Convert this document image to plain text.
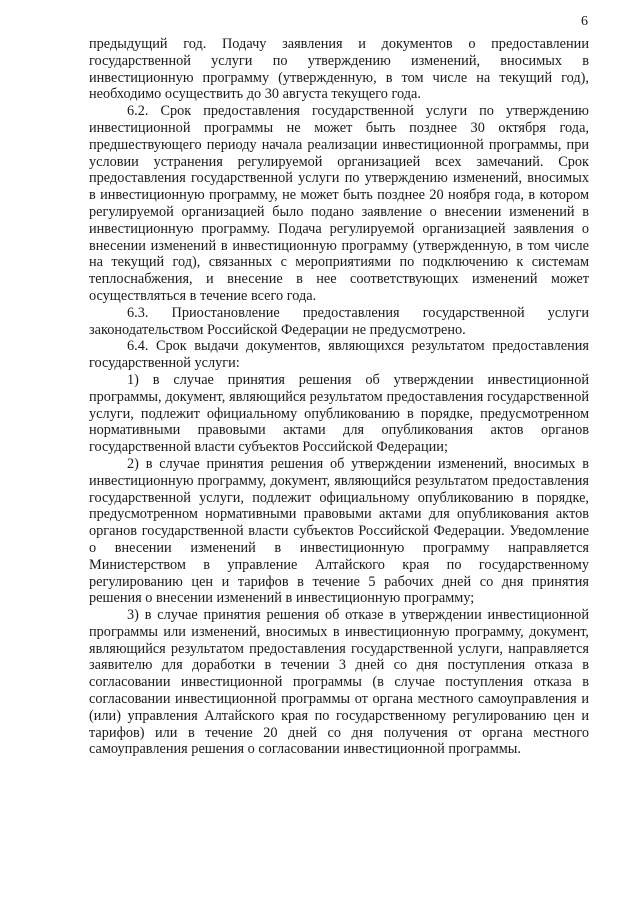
6

предыдущий год. Подачу заявления и документов о предоставлении государственной услуги по утверждению изменений, вносимых в инвестиционную программу (утвержденную, в том числе на текущий год), необходимо осуществить до 30 августа текущего года.

6.2. Срок предоставления государственной услуги по утверждению инвестиционной программы не может быть позднее 30 октября года, предшествующего периоду начала реализации инвестиционной программы, при условии устранения регулируемой организацией всех замечаний. Срок предоставления государственной услуги по утверждению изменений, вносимых в инвестиционную программу, не может быть позднее 20 ноября года, в котором регулируемой организацией было подано заявление о внесении изменений в инвестиционную программу. Подача регулируемой организацией заявления о внесении изменений в инвестиционную программу (утвержденную, в том числе на текущий год), связанных с мероприятиями по подключению к системам теплоснабжения, и внесение в нее соответствующих изменений может осуществляться в течение всего года.

6.3. Приостановление предоставления государственной услуги законодательством Российской Федерации не предусмотрено.

6.4. Срок выдачи документов, являющихся результатом предоставления государственной услуги:

1) в случае принятия решения об утверждении инвестиционной программы, документ, являющийся результатом предоставления государственной услуги, подлежит официальному опубликованию в порядке, предусмотренном нормативными правовыми актами для опубликования актов органов государственной власти субъектов Российской Федерации;

2) в случае принятия решения об утверждении изменений, вносимых в инвестиционную программу, документ, являющийся результатом предоставления государственной услуги, подлежит официальному опубликованию в порядке, предусмотренном нормативными правовыми актами для опубликования актов органов государственной власти субъектов Российской Федерации. Уведомление о внесении изменений в инвестиционную программу направляется Министерством в управление Алтайского края по государственному регулированию цен и тарифов в течение 5 рабочих дней со дня принятия решения о внесении изменений в инвестиционную программу;

3) в случае принятия решения об отказе в утверждении инвестиционной программы или изменений, вносимых в инвестиционную программу, документ, являющийся результатом предоставления государственной услуги, направляется заявителю для доработки в течении 3 дней со дня поступления отказа в согласовании инвестиционной программы (в случае поступления отказа в согласовании инвестиционной программы от органа местного самоуправления и (или) управления Алтайского края по государственному регулированию цен и тарифов) или в течение 20 дней со дня получения от органа местного самоуправления решения о согласовании инвестиционной программы.
